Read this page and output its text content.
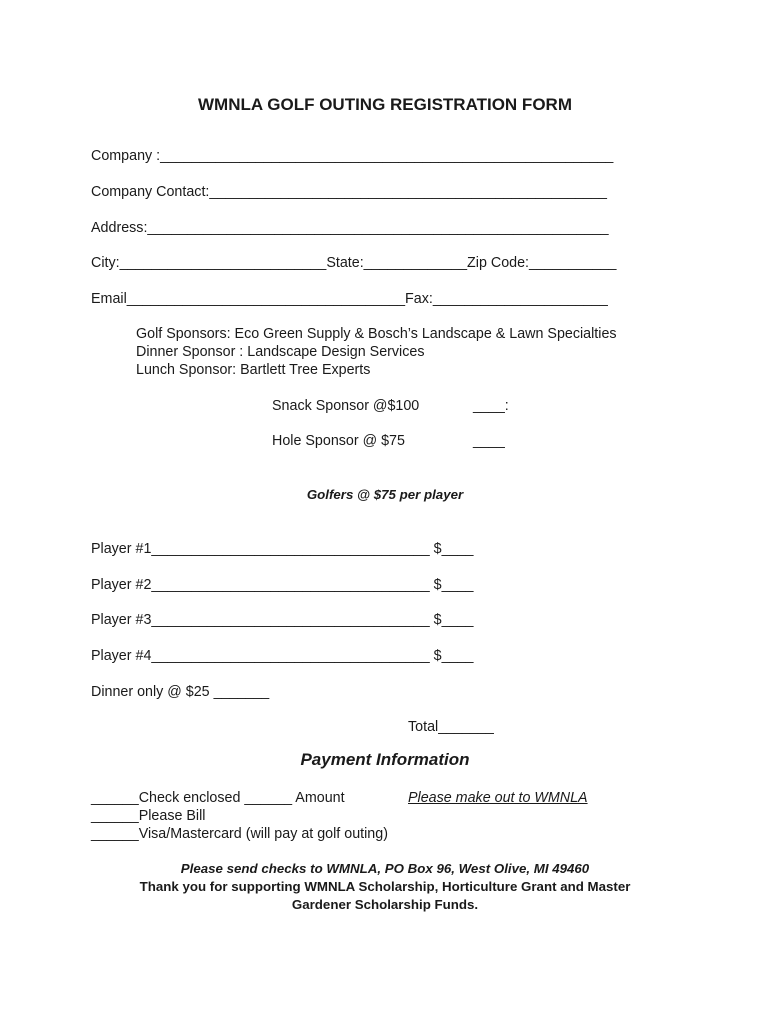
WMNLA GOLF OUTING REGISTRATION FORM
Company :_________________________________________________________
Company Contact:__________________________________________________
Address:__________________________________________________________
City:__________________________State:_____________Zip Code:___________
Email___________________________________Fax:______________________
Golf Sponsors: Eco Green Supply & Bosch’s Landscape & Lawn Specialties
Dinner Sponsor : Landscape Design Services
Lunch Sponsor: Bartlett Tree Experts
Snack Sponsor @$100	____:
Hole Sponsor @ $75	____
Golfers @ $75 per player
Player #1___________________________________ $____
Player #2___________________________________ $____
Player #3___________________________________ $____
Player #4___________________________________ $____
Dinner only @ $25 _______
Total_______
Payment Information
______Check enclosed ______ Amount	Please make out to WMNLA
______Please Bill
______Visa/Mastercard (will pay at golf outing)
Please send checks to WMNLA, PO Box 96, West Olive, MI 49460
Thank you for supporting WMNLA Scholarship, Horticulture Grant and Master
Gardener Scholarship Funds.
